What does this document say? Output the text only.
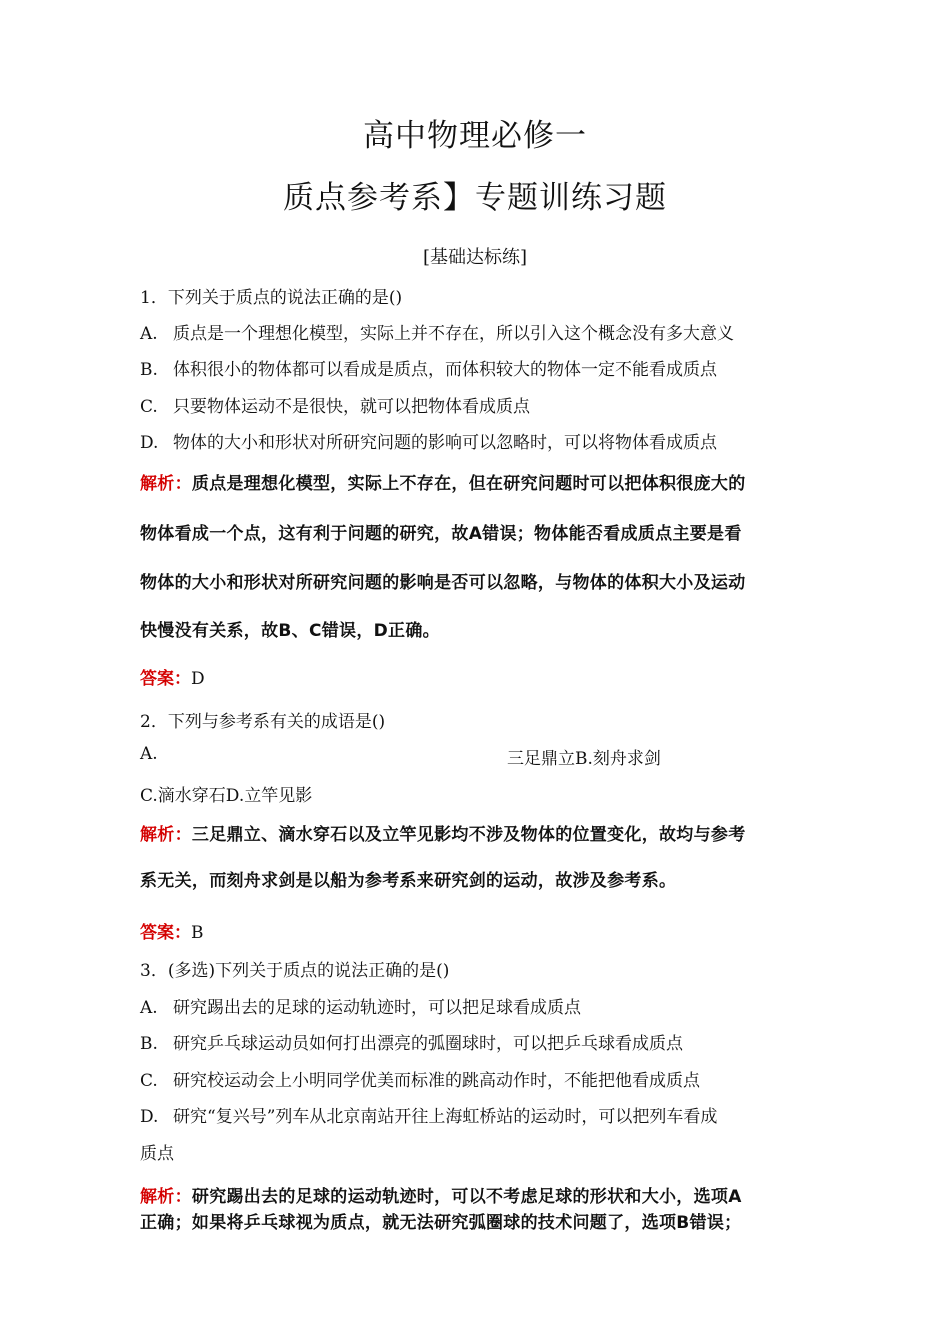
高中物理必修一
质点参考系】专题训练习题
[基础达标练]
1．下列关于质点的说法正确的是()
A. 质点是一个理想化模型，实际上并不存在，所以引入这个概念没有多大意义
B. 体积很小的物体都可以看成是质点，而体积较大的物体一定不能看成质点
C. 只要物体运动不是很快，就可以把物体看成质点
D. 物体的大小和形状对所研究问题的影响可以忽略时，可以将物体看成质点
解析：质点是理想化模型，实际上不存在，但在研究问题时可以把体积很庞大的
物体看成一个点，这有利于问题的研究，故A错误；物体能否看成质点主要是看
物体的大小和形状对所研究问题的影响是否可以忽略，与物体的体积大小及运动
快慢没有关系，故B、C错误，D正确。
答案：D
2．下列与参考系有关的成语是()
A.	三足鼎立B.刻舟求剑
C.滴水穿石D.立竿见影
解析：三足鼎立、滴水穿石以及立竿见影均不涉及物体的位置变化，故均与参考
系无关，而刻舟求剑是以船为参考系来研究剑的运动，故涉及参考系。
答案：B
3．(多选)下列关于质点的说法正确的是()
A. 研究踢出去的足球的运动轨迹时，可以把足球看成质点
B. 研究乒乓球运动员如何打出漂亮的弧圈球时，可以把乒乓球看成质点
C. 研究校运动会上小明同学优美而标准的跳高动作时，不能把他看成质点
D. 研究“复兴号”列车从北京南站开往上海虹桥站的运动时，可以把列车看成
质点
解析：研究踢出去的足球的运动轨迹时，可以不考虑足球的形状和大小，选项A
正确；如果将乒乓球视为质点，就无法研究弧圈球的技术问题了，选项B错误；
